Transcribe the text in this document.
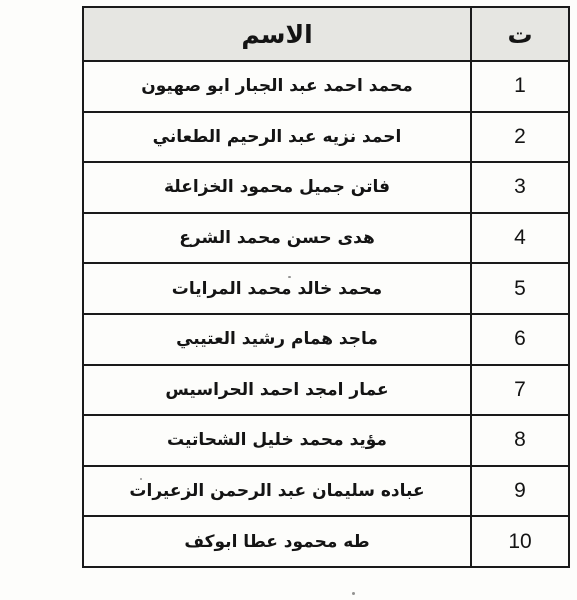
ت	الاسم
1	محمد احمد عبد الجبار ابو صهيون
2	احمد نزيه عبد الرحيم الطعاني
3	فاتن جميل محمود الخزاعلة
4	هدى حسن محمد الشرع
5	محمد خالد محمد المرايات
6	ماجد همام رشيد العتيبي
7	عمار امجد احمد الحراسيس
8	مؤيد محمد خليل الشحاتيت
9	عباده سليمان عبد الرحمن الزعيرات
10	طه محمود عطا ابوكف
